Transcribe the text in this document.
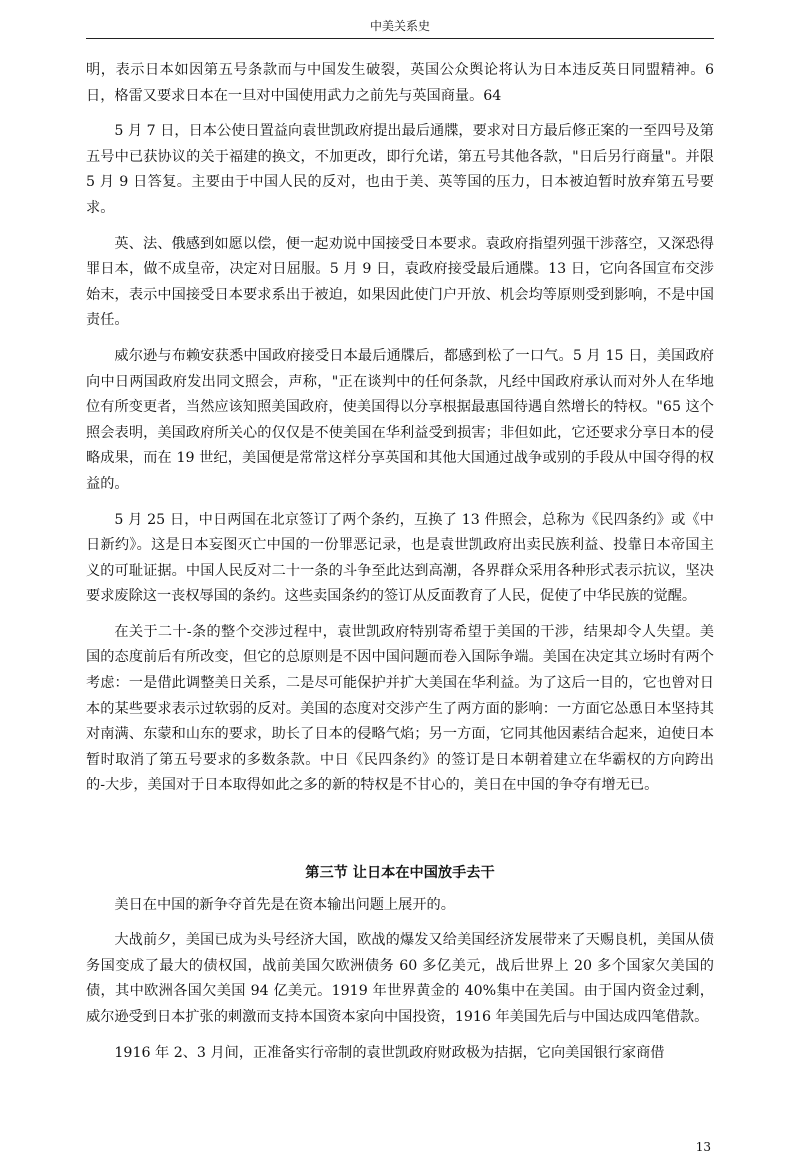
中美关系史

明，表示日本如因第五号条款而与中国发生破裂，英国公众舆论将认为日本违反英日同盟精神。6 日，格雷又要求日本在一旦对中国使用武力之前先与英国商量。64

5 月 7 日，日本公使日置益向袁世凯政府提出最后通牒，要求对日方最后修正案的一至四号及第五号中已获协议的关于福建的换文，不加更改，即行允诺，第五号其他各款，"日后另行商量"。并限 5 月 9 日答复。主要由于中国人民的反对，也由于美、英等国的压力，日本被迫暂时放弃第五号要求。

英、法、俄感到如愿以偿，便一起劝说中国接受日本要求。袁政府指望列强干涉落空，又深恐得罪日本，做不成皇帝，决定对日屈服。5 月 9 日，袁政府接受最后通牒。13 日，它向各国宣布交涉始末，表示中国接受日本要求系出于被迫，如果因此使门户开放、机会均等原则受到影响，不是中国责任。

威尔逊与布赖安获悉中国政府接受日本最后通牒后，都感到松了一口气。5 月 15 日，美国政府向中日两国政府发出同文照会，声称，"正在谈判中的任何条款，凡经中国政府承认而对外人在华地位有所变更者，当然应该知照美国政府，使美国得以分享根据最惠国待遇自然增长的特权。"65 这个照会表明，美国政府所关心的仅仅是不使美国在华利益受到损害；非但如此，它还要求分享日本的侵略成果，而在 19 世纪，美国便是常常这样分享英国和其他大国通过战争或别的手段从中国夺得的权益的。

5 月 25 日，中日两国在北京签订了两个条约，互换了 13 件照会，总称为《民四条约》或《中日新约》。这是日本妄图灭亡中国的一份罪恶记录，也是袁世凯政府出卖民族利益、投靠日本帝国主义的可耻证据。中国人民反对二十一条的斗争至此达到高潮，各界群众采用各种形式表示抗议，坚决要求废除这一丧权辱国的条约。这些卖国条约的签订从反面教育了人民，促使了中华民族的觉醒。

在关于二十-条的整个交涉过程中，袁世凯政府特别寄希望于美国的干涉，结果却令人失望。美国的态度前后有所改变，但它的总原则是不因中国问题而卷入国际争端。美国在决定其立场时有两个考虑：一是借此调整美日关系，二是尽可能保护并扩大美国在华利益。为了这后一目的，它也曾对日本的某些要求表示过软弱的反对。美国的态度对交涉产生了两方面的影响：一方面它怂恿日本坚持其对南满、东蒙和山东的要求，助长了日本的侵略气焰；另一方面，它同其他因素结合起来，迫使日本暂时取消了第五号要求的多数条款。中日《民四条约》的签订是日本朝着建立在华霸权的方向跨出的-大步，美国对于日本取得如此之多的新的特权是不甘心的，美日在中国的争夺有增无已。

第三节 让日本在中国放手去干

美日在中国的新争夺首先是在资本输出问题上展开的。

大战前夕，美国已成为头号经济大国，欧战的爆发又给美国经济发展带来了天赐良机，美国从债务国变成了最大的债权国，战前美国欠欧洲债务 60 多亿美元，战后世界上 20 多个国家欠美国的债，其中欧洲各国欠美国 94 亿美元。1919 年世界黄金的 40%集中在美国。由于国内资金过剩，威尔逊受到日本扩张的刺激而支持本国资本家向中国投资，1916 年美国先后与中国达成四笔借款。

1916 年 2、3 月间，正准备实行帝制的袁世凯政府财政极为拮据，它向美国银行家商借

13
